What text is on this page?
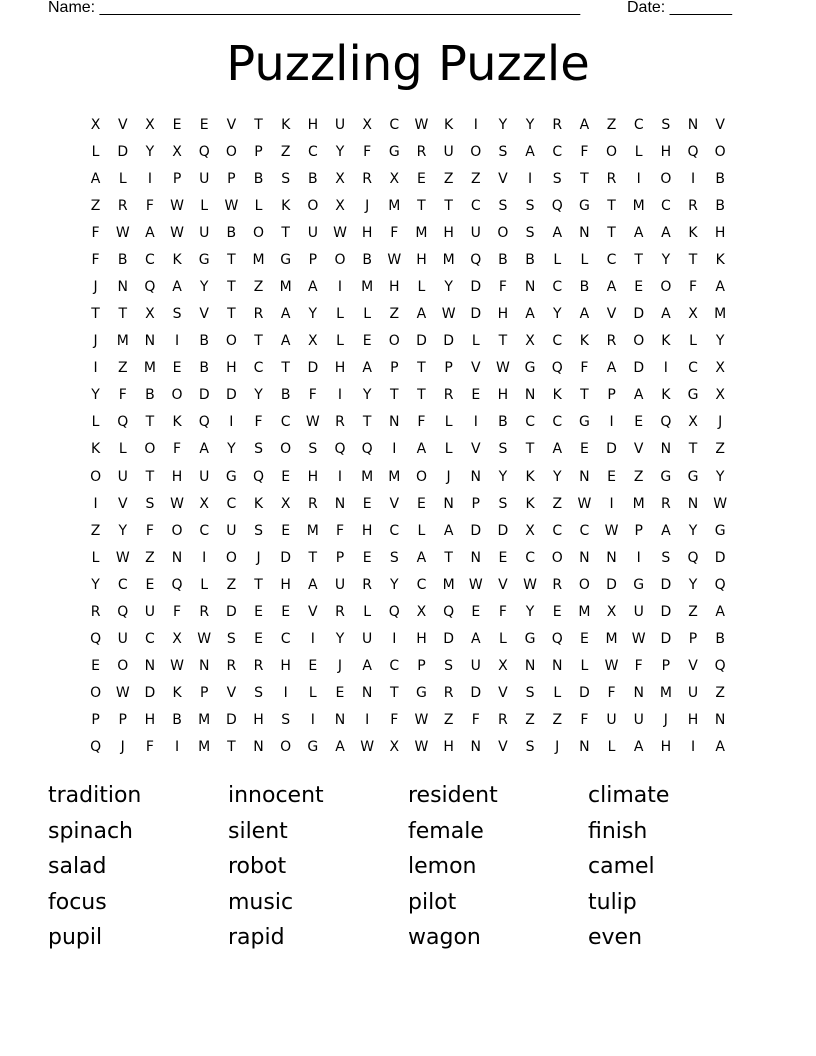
Name: ______________________________________________________	Date: _______
Puzzling Puzzle
X	V	X	E	E	V	T	K	H	U	X	C	W	K	I	Y	Y	R	A	Z	C	S	N	V
L	D	Y	X	Q	O	P	Z	C	Y	F	G	R	U	O	S	A	C	F	O	L	H	Q	O
A	L	I	P	U	P	B	S	B	X	R	X	E	Z	Z	V	I	S	T	R	I	O	I	B
Z	R	F	W	L	W	L	K	O	X	J	M	T	T	C	S	S	Q	G	T	M	C	R	B
F	W	A	W	U	B	O	T	U	W	H	F	M	H	U	O	S	A	N	T	A	A	K	H
F	B	C	K	G	T	M	G	P	O	B	W	H	M	Q	B	B	L	L	C	T	Y	T	K
J	N	Q	A	Y	T	Z	M	A	I	M	H	L	Y	D	F	N	C	B	A	E	O	F	A
T	T	X	S	V	T	R	A	Y	L	L	Z	A	W	D	H	A	Y	A	V	D	A	X	M
J	M	N	I	B	O	T	A	X	L	E	O	D	D	L	T	X	C	K	R	O	K	L	Y
I	Z	M	E	B	H	C	T	D	H	A	P	T	P	V	W	G	Q	F	A	D	I	C	X
Y	F	B	O	D	D	Y	B	F	I	Y	T	T	R	E	H	N	K	T	P	A	K	G	X
L	Q	T	K	Q	I	F	C	W	R	T	N	F	L	I	B	C	C	G	I	E	Q	X	J
K	L	O	F	A	Y	S	O	S	Q	Q	I	A	L	V	S	T	A	E	D	V	N	T	Z
O	U	T	H	U	G	Q	E	H	I	M	M	O	J	N	Y	K	Y	N	E	Z	G	G	Y
I	V	S	W	X	C	K	X	R	N	E	V	E	N	P	S	K	Z	W	I	M	R	N	W
Z	Y	F	O	C	U	S	E	M	F	H	C	L	A	D	D	X	C	C	W	P	A	Y	G
L	W	Z	N	I	O	J	D	T	P	E	S	A	T	N	E	C	O	N	N	I	S	Q	D
Y	C	E	Q	L	Z	T	H	A	U	R	Y	C	M	W	V	W	R	O	D	G	D	Y	Q
R	Q	U	F	R	D	E	E	V	R	L	Q	X	Q	E	F	Y	E	M	X	U	D	Z	A
Q	U	C	X	W	S	E	C	I	Y	U	I	H	D	A	L	G	Q	E	M	W	D	P	B
E	O	N	W	N	R	R	H	E	J	A	C	P	S	U	X	N	N	L	W	F	P	V	Q
O	W	D	K	P	V	S	I	L	E	N	T	G	R	D	V	S	L	D	F	N	M	U	Z
P	P	H	B	M	D	H	S	I	N	I	F	W	Z	F	R	Z	Z	F	U	U	J	H	N
Q	J	F	I	M	T	N	O	G	A	W	X	W	H	N	V	S	J	N	L	A	H	I	A
tradition	innocent	resident	climate
spinach	silent	female	finish
salad	robot	lemon	camel
focus	music	pilot	tulip
pupil	rapid	wagon	even
